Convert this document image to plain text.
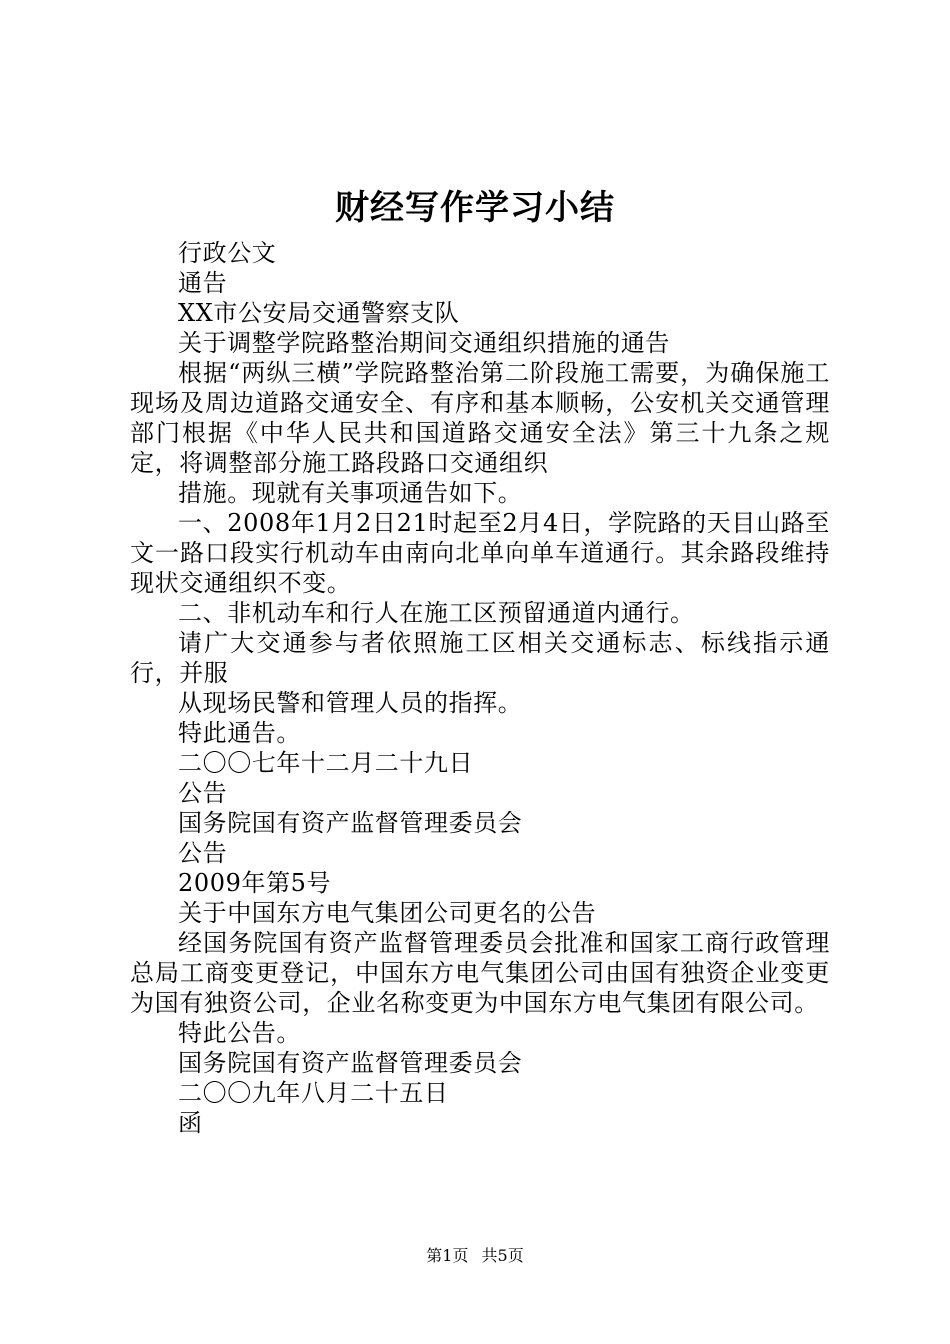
财经写作学习小结

行政公文

通告

XX市公安局交通警察支队

关于调整学院路整治期间交通组织措施的通告

根据“两纵三横”学院路整治第二阶段施工需要，为确保施工现场及周边道路交通安全、有序和基本顺畅，公安机关交通管理部门根据《中华人民共和国道路交通安全法》第三十九条之规定，将调整部分施工路段路口交通组织

措施。现就有关事项通告如下。

一、2008年1月2日21时起至2月4日，学院路的天目山路至文一路口段实行机动车由南向北单向单车道通行。其余路段维持现状交通组织不变。

二、非机动车和行人在施工区预留通道内通行。

请广大交通参与者依照施工区相关交通标志、标线指示通行，并服

从现场民警和管理人员的指挥。

特此通告。

二〇〇七年十二月二十九日

公告

国务院国有资产监督管理委员会

公告

2009年第5号

关于中国东方电气集团公司更名的公告

经国务院国有资产监督管理委员会批准和国家工商行政管理总局工商变更登记，中国东方电气集团公司由国有独资企业变更为国有独资公司，企业名称变更为中国东方电气集团有限公司。

特此公告。

国务院国有资产监督管理委员会

二〇〇九年八月二十五日

函

第1页 共5页
